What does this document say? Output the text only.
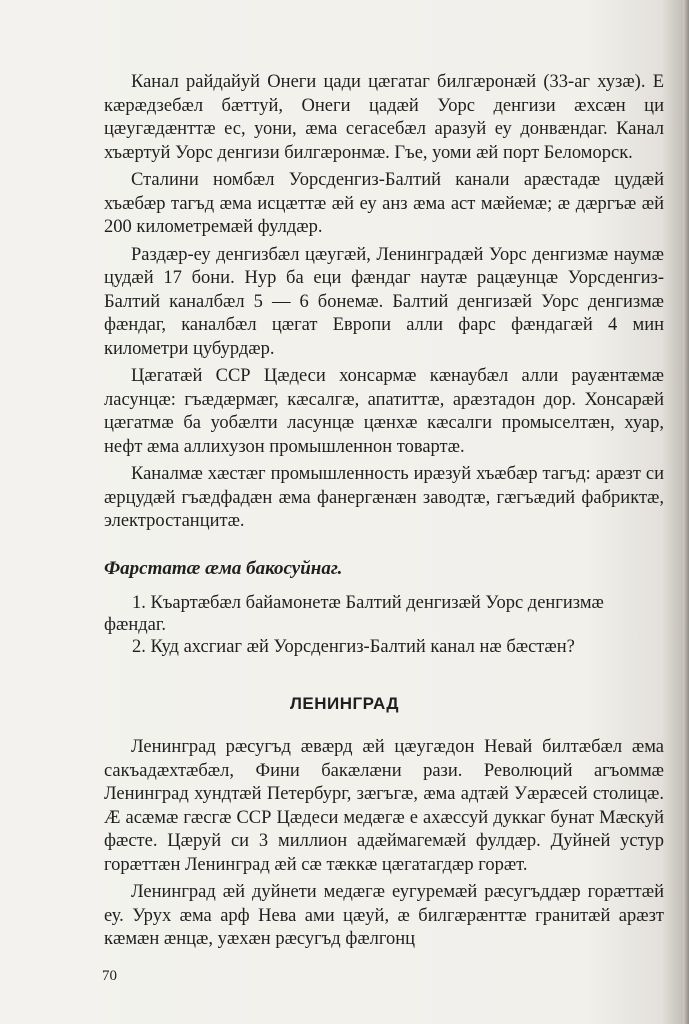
Канал райдайуй Онеги цади цæгатаг билгæронæй (33-аг хузæ). Е кæрæдзебæл бæттуй, Онеги цадæй Уорс денгизи æхсæн ци цæугæдæнттæ ес, уони, æма сегасебæл аразуй еу донвæндаг. Канал хъæртуй Уорс денгизи билгæронмæ. Гъе, уоми æй порт Беломорск.

Сталини номбæл Уорсденгиз-Балтий канали арæстадæ цудæй хъæбæр тагъд æма исцæттæ æй еу анз æма аст мæйемæ; æ дæргъæ æй 200 километремæй фулдæр.

Раздæр-еу денгизбæл цæугæй, Ленинградæй Уорс денгизмæ наумæ цудæй 17 бони. Нур ба еци фæндаг наутæ рацæунцæ Уорсденгиз-Балтий каналбæл 5 — 6 бонемæ. Балтий денгизæй Уорс денгизмæ фæндаг, каналбæл цæгат Европи алли фарс фæндагæй 4 мин километри цубурдæр.

Цæгатæй ССР Цæдеси хонсармæ кæнаубæл алли рауæнтæмæ ласунцæ: гъæдæрмæг, кæсалгæ, апатиттæ, арæзтадон дор. Хонсарæй цæгатмæ ба уобæлти ласунцæ цæнхæ кæсалги промыселтæн, хуар, нефт æма аллихузон промышленнон товартæ.

Каналмæ хæстæг промышленность ирæзуй хъæбæр тагъд: арæзт си æрцудæй гъæдфадæн æма фанергæнæн заводтæ, гæгъæдий фабриктæ, электростанцитæ.

Фарстатæ æма бакосуйнаг.

1. Къартæбæл байамонетæ Балтий денгизæй Уорс денгизмæ фæндаг.

2. Куд ахсгиаг æй Уорсденгиз-Балтий канал нæ бæстæн?

ЛЕНИНГРАД

Ленинград рæсугъд æвæрд æй цæугæдон Невай билтæбæл æма сакъадæхтæбæл, Фини бакæлæни рази. Революций агъоммæ Ленинград хундтæй Петербург, зæгъгæ, æма адтæй Уæрæсей столицæ. Æ асæмæ гæсгæ ССР Цæдеси медæгæ е ахæссуй дуккаг бунат Мæскуй фæсте. Цæруй си 3 миллион адæймагемæй фулдæр. Дуйней устур горæттæн Ленинград æй сæ тæккæ цæгатагдæр горæт.

Ленинград æй дуйнети медæгæ еугуремæй рæсугъддæр горæттæй еу. Урух æма арф Нева ами цæуй, æ билгæрæнттæ гранитæй арæзт кæмæн æнцæ, уæхæн рæсугъд фæлгонц

70
